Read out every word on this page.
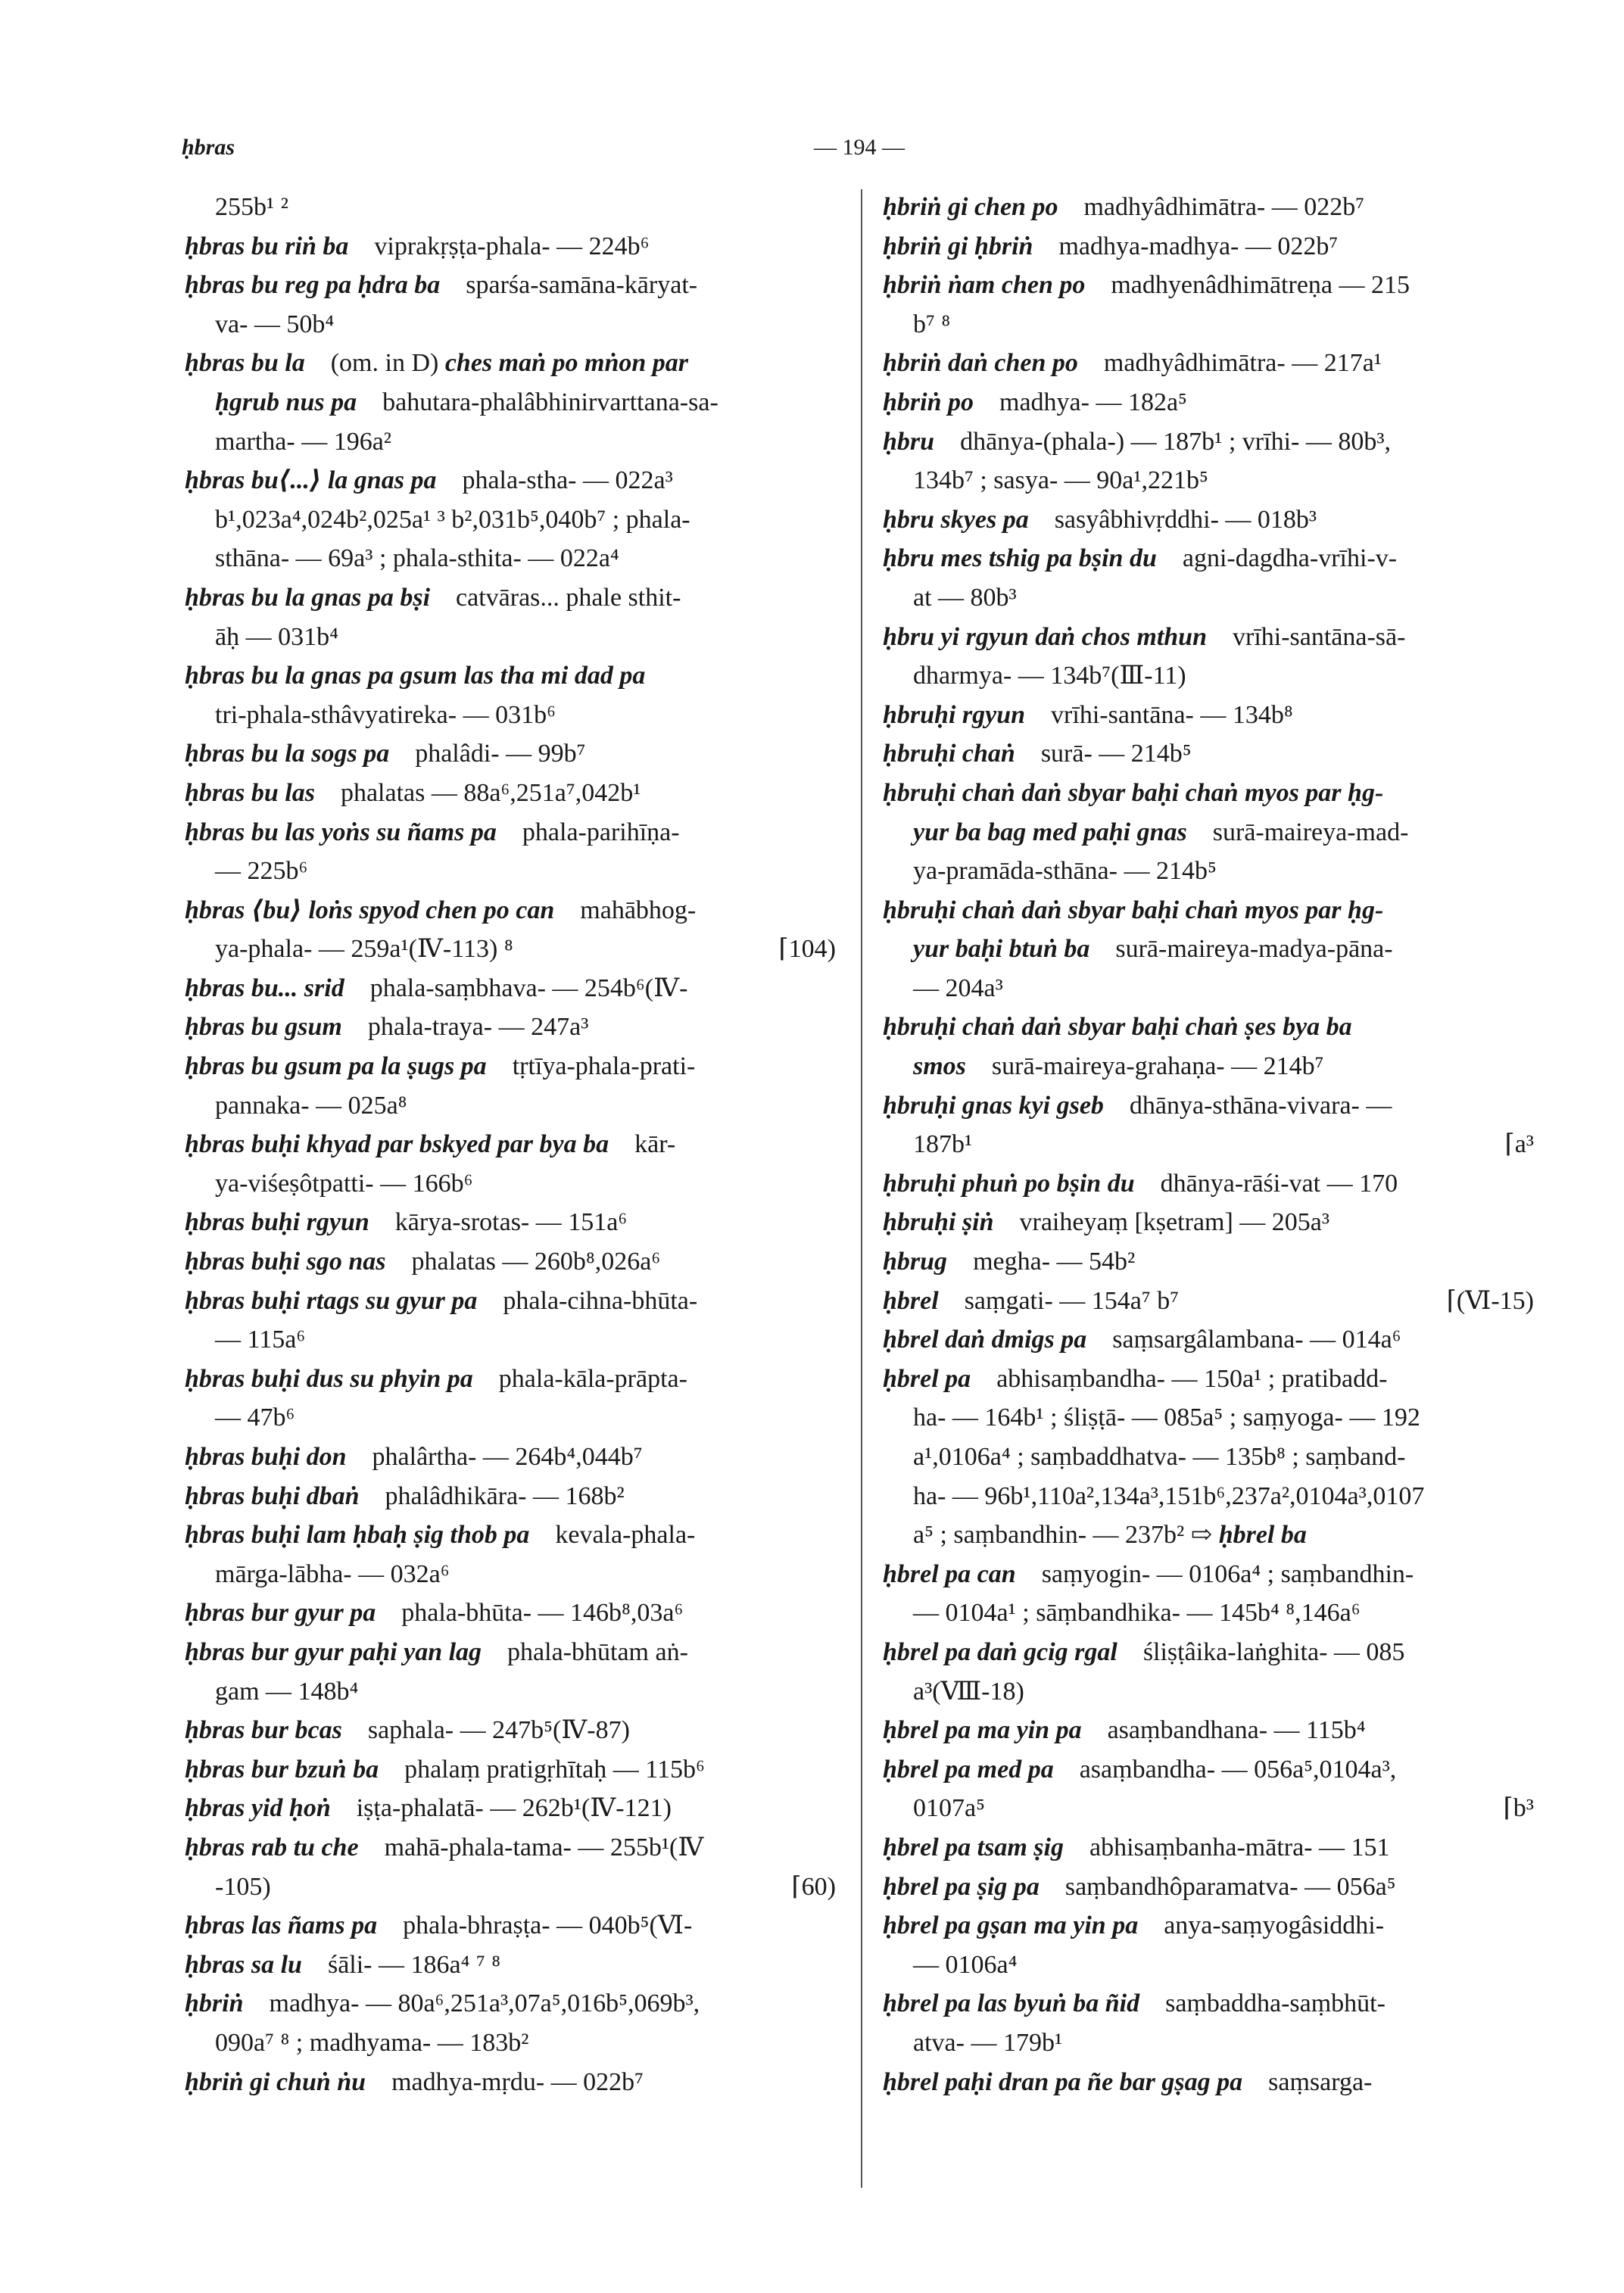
ḥbras	— 194 —
255b¹ ²
ḥbras bu riṅ ba  viprakṛṣṭa-phala- — 224b⁶
ḥbras bu reg pa ḥdra ba  sparśa-samāna-kāryat-
va- — 50b⁴
ḥbras bu la  (om. in D) ches maṅ po mṅon par
ḥgrub nus pa  bahutara-phalâbhinirvarttana-sa-
martha- — 196a²
ḥbras bu⟨...⟩ la gnas pa  phala-stha- — 022a³
b¹,023a⁴,024b²,025a¹ ³ b²,031b⁵,040b⁷ ; phala-
sthāna- — 69a³ ; phala-sthita- — 022a⁴
ḥbras bu la gnas pa bṣi  catvāras... phale sthit-
āḥ — 031b⁴
ḥbras bu la gnas pa gsum las tha mi dad pa
tri-phala-sthâvyatireka- — 031b⁶
ḥbras bu la sogs pa  phalâdi- — 99b⁷
ḥbras bu las  phalatas — 88a⁶,251a⁷,042b¹
ḥbras bu las yoṅs su ñams pa  phala-parihīṇa-
— 225b⁶
ḥbras ⟨bu⟩ loṅs spyod chen po can  mahābhog-
⌈104)
ya-phala- — 259a¹(Ⅳ-113) ⁸
ḥbras bu... srid  phala-saṃbhava- — 254b⁶(Ⅳ-
ḥbras bu gsum  phala-traya- — 247a³
ḥbras bu gsum pa la ṣugs pa  tṛtīya-phala-prati-
pannaka- — 025a⁸
ḥbras buḥi khyad par bskyed par bya ba  kār-
ya-viśeṣôtpatti- — 166b⁶
ḥbras buḥi rgyun  kārya-srotas- — 151a⁶
ḥbras buḥi sgo nas  phalatas — 260b⁸,026a⁶
ḥbras buḥi rtags su gyur pa  phala-cihna-bhūta-
— 115a⁶
ḥbras buḥi dus su phyin pa  phala-kāla-prāpta-
— 47b⁶
ḥbras buḥi don  phalârtha- — 264b⁴,044b⁷
ḥbras buḥi dbaṅ  phalâdhikāra- — 168b²
ḥbras buḥi lam ḥbaḥ ṣig thob pa  kevala-phala-
mārga-lābha- — 032a⁶
ḥbras bur gyur pa  phala-bhūta- — 146b⁸,03a⁶
ḥbras bur gyur paḥi yan lag  phala-bhūtam aṅ-
gam — 148b⁴
ḥbras bur bcas  saphala- — 247b⁵(Ⅳ-87)
ḥbras bur bzuṅ ba  phalaṃ pratigṛhītaḥ — 115b⁶
ḥbras yid ḥoṅ  iṣṭa-phalatā- — 262b¹(Ⅳ-121)
ḥbras rab tu che  mahā-phala-tama- — 255b¹(Ⅳ
⌈60)
-105)
ḥbras las ñams pa  phala-bhraṣṭa- — 040b⁵(Ⅵ-
ḥbras sa lu  śāli- — 186a⁴ ⁷ ⁸
ḥbriṅ  madhya- — 80a⁶,251a³,07a⁵,016b⁵,069b³,
090a⁷ ⁸ ; madhyama- — 183b²
ḥbriṅ gi chuṅ ṅu  madhya-mṛdu- — 022b⁷
ḥbriṅ gi chen po  madhyâdhimātra- — 022b⁷
ḥbriṅ gi ḥbriṅ  madhya-madhya- — 022b⁷
ḥbriṅ ṅam chen po  madhyenâdhimātreṇa — 215
b⁷ ⁸
ḥbriṅ daṅ chen po  madhyâdhimātra- — 217a¹
ḥbriṅ po  madhya- — 182a⁵
ḥbru  dhānya-(phala-) — 187b¹ ; vrīhi- — 80b³,
134b⁷ ; sasya- — 90a¹,221b⁵
ḥbru skyes pa  sasyâbhivṛddhi- — 018b³
ḥbru mes tshig pa bṣin du  agni-dagdha-vrīhi-v-
at — 80b³
ḥbru yi rgyun daṅ chos mthun  vrīhi-santāna-sā-
dharmya- — 134b⁷(Ⅲ-11)
ḥbruḥi rgyun  vrīhi-santāna- — 134b⁸
ḥbruḥi chaṅ  surā- — 214b⁵
ḥbruḥi chaṅ daṅ sbyar baḥi chaṅ myos par ḥg-
yur ba bag med paḥi gnas  surā-maireya-mad-
ya-pramāda-sthāna- — 214b⁵
ḥbruḥi chaṅ daṅ sbyar baḥi chaṅ myos par ḥg-
yur baḥi btuṅ ba  surā-maireya-madya-pāna-
— 204a³
ḥbruḥi chaṅ daṅ sbyar baḥi chaṅ ṣes bya ba
smos  surā-maireya-grahaṇa- — 214b⁷
ḥbruḥi gnas kyi gseb  dhānya-sthāna-vivara- —
⌈a³
187b¹
ḥbruḥi phuṅ po bṣin du  dhānya-rāśi-vat — 170
ḥbruḥi ṣiṅ  vraiheyaṃ [kṣetram] — 205a³
ḥbrug  megha- — 54b²
⌈(Ⅵ-15)
ḥbrel  saṃgati- — 154a⁷ b⁷
ḥbrel daṅ dmigs pa  saṃsargâlambana- — 014a⁶
ḥbrel pa  abhisaṃbandha- — 150a¹ ; pratibadd-
ha- — 164b¹ ; śliṣṭā- — 085a⁵ ; saṃyoga- — 192
a¹,0106a⁴ ; saṃbaddhatva- — 135b⁸ ; saṃband-
ha- — 96b¹,110a²,134a³,151b⁶,237a²,0104a³,0107
a⁵ ; saṃbandhin- — 237b² ⇨ ḥbrel ba
ḥbrel pa can  saṃyogin- — 0106a⁴ ; saṃbandhin-
— 0104a¹ ; sāṃbandhika- — 145b⁴ ⁸,146a⁶
ḥbrel pa daṅ gcig rgal  śliṣṭâika-laṅghita- — 085
a³(Ⅷ-18)
ḥbrel pa ma yin pa  asaṃbandhana- — 115b⁴
ḥbrel pa med pa  asaṃbandha- — 056a⁵,0104a³,
⌈b³
0107a⁵
ḥbrel pa tsam ṣig  abhisaṃbanha-mātra- — 151
ḥbrel pa ṣig pa  saṃbandhôparamatva- — 056a⁵
ḥbrel pa gṣan ma yin pa  anya-saṃyogâsiddhi-
— 0106a⁴
ḥbrel pa las byuṅ ba ñid  saṃbaddha-saṃbhūt-
atva- — 179b¹
ḥbrel paḥi dran pa ñe bar gṣag pa  saṃsarga-
